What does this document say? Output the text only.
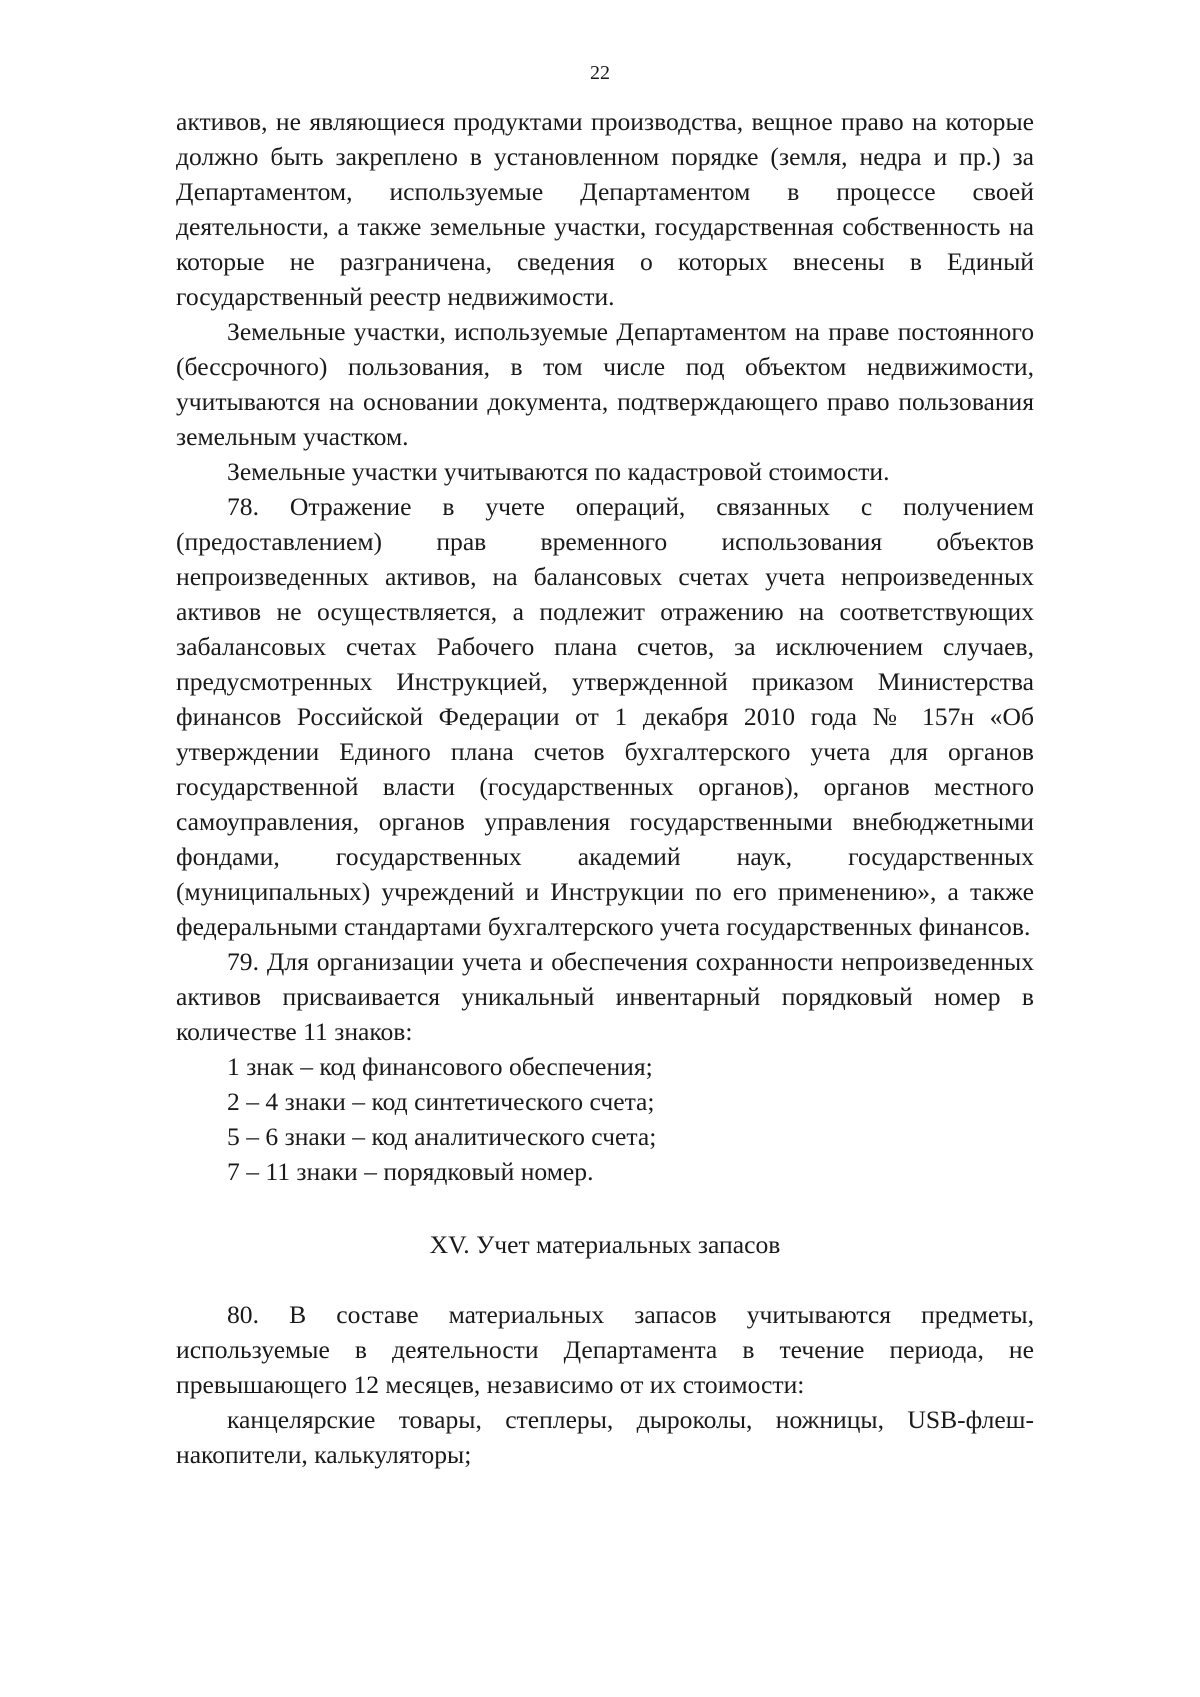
22

активов, не являющиеся продуктами производства, вещное право на которые должно быть закреплено в установленном порядке (земля, недра и пр.) за Департаментом, используемые Департаментом в процессе своей деятельности, а также земельные участки, государственная собственность на которые не разграничена, сведения о которых внесены в Единый государственный реестр недвижимости.

Земельные участки, используемые Департаментом на праве постоянного (бессрочного) пользования, в том числе под объектом недвижимости, учитываются на основании документа, подтверждающего право пользования земельным участком.

Земельные участки учитываются по кадастровой стоимости.

78. Отражение в учете операций, связанных с получением (предоставлением) прав временного использования объектов непроизведенных активов, на балансовых счетах учета непроизведенных активов не осуществляется, а подлежит отражению на соответствующих забалансовых счетах Рабочего плана счетов, за исключением случаев, предусмотренных Инструкцией, утвержденной приказом Министерства финансов Российской Федерации от 1 декабря 2010 года № 157н «Об утверждении Единого плана счетов бухгалтерского учета для органов государственной власти (государственных органов), органов местного самоуправления, органов управления государственными внебюджетными фондами, государственных академий наук, государственных (муниципальных) учреждений и Инструкции по его применению», а также федеральными стандартами бухгалтерского учета государственных финансов.

79. Для организации учета и обеспечения сохранности непроизведенных активов присваивается уникальный инвентарный порядковый номер в количестве 11 знаков:

1 знак – код финансового обеспечения;

2 – 4 знаки – код синтетического счета;

5 – 6 знаки – код аналитического счета;

7 – 11 знаки – порядковый номер.

XV. Учет материальных запасов

80. В составе материальных запасов учитываются предметы, используемые в деятельности Департамента в течение периода, не превышающего 12 месяцев, независимо от их стоимости:

канцелярские товары, степлеры, дыроколы, ножницы, USB-флеш-накопители, калькуляторы;
